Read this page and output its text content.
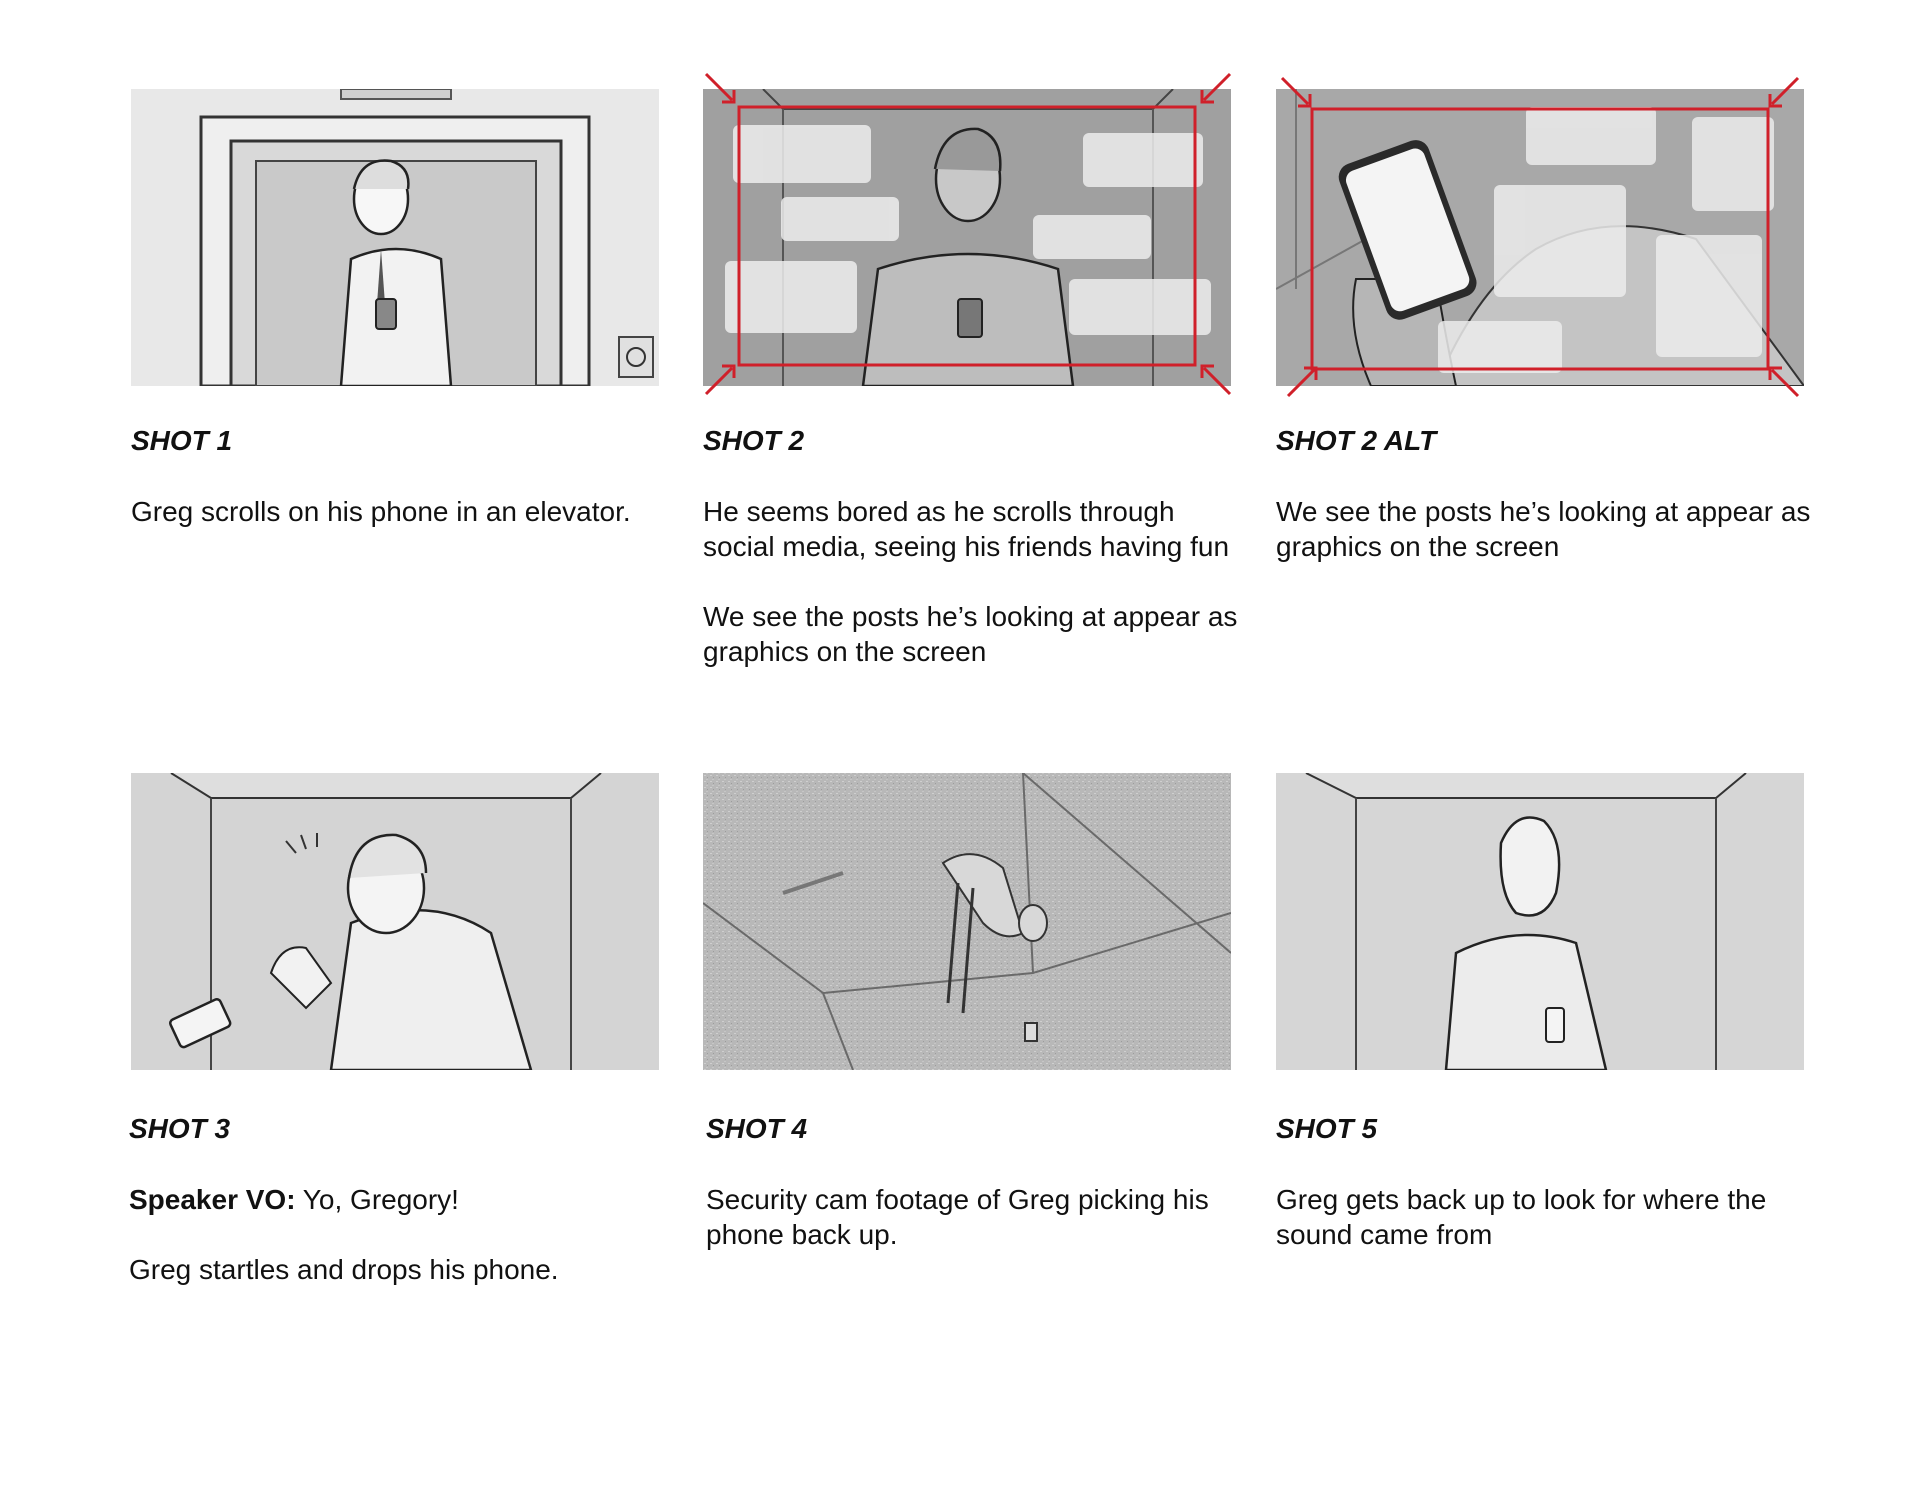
SHOT 1

Greg scrolls on his phone in an elevator.

SHOT 2

He seems bored as he scrolls through social media, seeing his friends having fun

We see the posts he’s looking at appear as graphics on the screen

SHOT 2 ALT

We see the posts he’s looking at appear as graphics on the screen

SHOT 3

Speaker VO: Yo, Gregory!

Greg startles and drops his phone.

SHOT 4

Security cam footage of Greg picking his phone back up.

SHOT 5

Greg gets back up to look for where the sound came from
